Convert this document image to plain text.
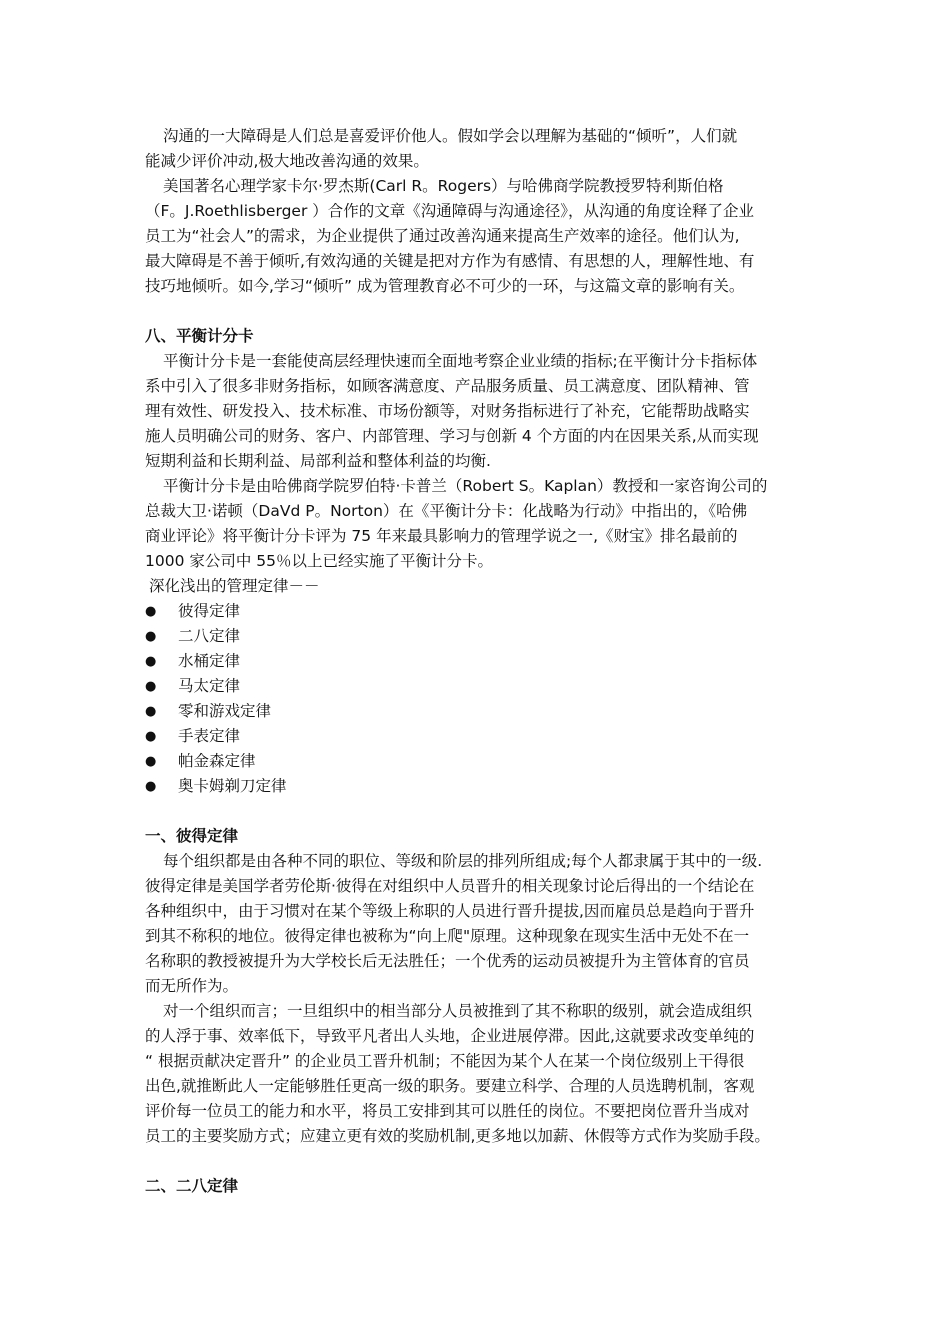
沟通的一大障碍是人们总是喜爱评价他人。假如学会以理解为基础的“倾听”，人们就
能减少评价冲动,极大地改善沟通的效果。
美国著名心理学家卡尔·罗杰斯(Carl R。Rogers）与哈佛商学院教授罗特利斯伯格
（F。J.Roethlisberger ）合作的文章《沟通障碍与沟通途径》，从沟通的角度诠释了企业
员工为“社会人”的需求，为企业提供了通过改善沟通来提高生产效率的途径。他们认为,
最大障碍是不善于倾听,有效沟通的关键是把对方作为有感情、有思想的人，理解性地、有
技巧地倾听。如今,学习“倾听” 成为管理教育必不可少的一环，与这篇文章的影响有关。
八、平衡计分卡
平衡计分卡是一套能使高层经理快速而全面地考察企业业绩的指标;在平衡计分卡指标体
系中引入了很多非财务指标，如顾客满意度、产品服务质量、员工满意度、团队精神、管
理有效性、研发投入、技术标准、市场份额等，对财务指标进行了补充，它能帮助战略实
施人员明确公司的财务、客户、内部管理、学习与创新 4 个方面的内在因果关系,从而实现
短期利益和长期利益、局部利益和整体利益的均衡.
平衡计分卡是由哈佛商学院罗伯特·卡普兰（Robert S。Kaplan）教授和一家咨询公司的
总裁大卫·诺顿（DaVd P。Norton）在《平衡计分卡：化战略为行动》中指出的，《哈佛
商业评论》将平衡计分卡评为 75 年来最具影响力的管理学说之一,《财宝》排名最前的
1000 家公司中 55％以上已经实施了平衡计分卡。
深化浅出的管理定律－－
●	彼得定律
●	二八定律
●	水桶定律
●	马太定律
●	零和游戏定律
●	手表定律
●	帕金森定律
●	奥卡姆剃刀定律
一、彼得定律
每个组织都是由各种不同的职位、等级和阶层的排列所组成;每个人都隶属于其中的一级.
彼得定律是美国学者劳伦斯·彼得在对组织中人员晋升的相关现象讨论后得出的一个结论在
各种组织中，由于习惯对在某个等级上称职的人员进行晋升提拔,因而雇员总是趋向于晋升
到其不称积的地位。彼得定律也被称为“向上爬"原理。这种现象在现实生活中无处不在一
名称职的教授被提升为大学校长后无法胜任；一个优秀的运动员被提升为主管体育的官员
而无所作为。
对一个组织而言；一旦组织中的相当部分人员被推到了其不称职的级别，就会造成组织
的人浮于事、效率低下，导致平凡者出人头地，企业进展停滞。因此,这就要求改变单纯的
“ 根据贡献决定晋升” 的企业员工晋升机制；不能因为某个人在某一个岗位级别上干得很
出色,就推断此人一定能够胜任更高一级的职务。要建立科学、合理的人员选聘机制，客观
评价每一位员工的能力和水平，将员工安排到其可以胜任的岗位。不要把岗位晋升当成对
员工的主要奖励方式；应建立更有效的奖励机制,更多地以加薪、休假等方式作为奖励手段。
二、二八定律
